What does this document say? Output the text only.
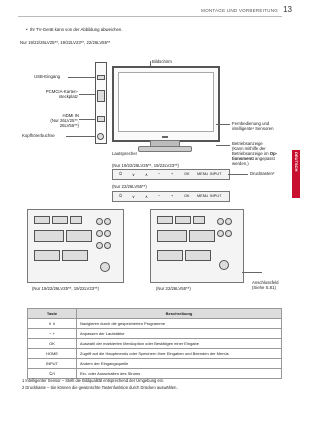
MONTAGE UND VORBEREITUNG 13
DEUTSCH
•  Ihr TV-Gerät kann von der Abbildung abweichen.
Nur 19/22/26LV25**, 19/22LV23**, 22/26LV55**
USB-Eingang
PCMCIA-Karten-
steckplatz
HDMI IN
(Nur 26LV25**,
26LV55**)
Kopfhörerbuchse
Bildschirm
Fernbedienung und
intelligente¹ Sensoren
Betriebsanzeige
(Kann mithilfe der
Betriebsanzeige im Op-
tionsmenü angepasst
werden.)
Lautsprecher
(Nur 19/22/26LV25**, 19/22LV23**)
⏻	∨	∧	−	+	OK MENU INPUT
(Nur 22/26LV55**)
⏻	∨	∧	−	+	OK MENU INPUT
Drucktasten²
Anschlussfeld
(Siehe S.81)
(Nur 19/22/26LV25**, 19/22LV23**)	(Nur 22/26LV55**)
Taste	Beschreibung
∨ ∧	Navigieren durch die gespeicherten Programme
− +	Anpassen der Lautstärke
OK	Auswahl der markierten Menüoption oder Bestätigen einer Eingabe
HOME	Zugriff auf die Hauptmenüs oder Speichern Ihrer Eingaben und Beenden der Menüs
INPUT	Ändern der Eingangsquelle
⏻/I	Ein- oder Ausschalten des Stroms
1 Intelligenter Sensor – Stellt die Bildqualität entsprechend der Umgebung ein.
2 Druckkaste – Sie können die gewünschte Tastenfunktion durch Drücken auswählen.
